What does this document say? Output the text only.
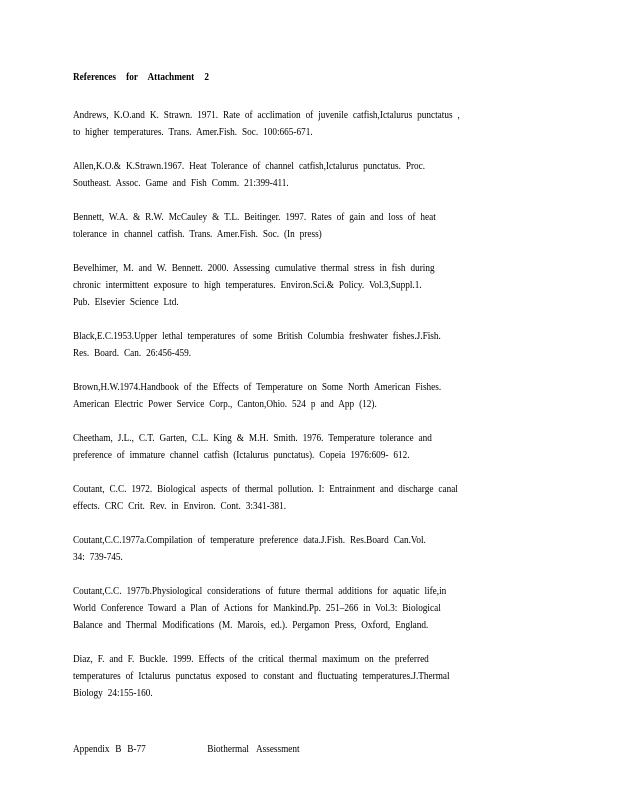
References for Attachment 2
Andrews, K.O.and K. Strawn. 1971. Rate of acclimation of juvenile catfish,Ictalurus punctatus ,
to higher temperatures. Trans. Amer.Fish. Soc. 100:665-671.
Allen,K.O.& K.Strawn.1967. Heat Tolerance of channel catfish,Ictalurus punctatus. Proc.
Southeast. Assoc. Game and Fish Comm. 21:399-411.
Bennett, W.A. & R.W. McCauley & T.L. Beitinger. 1997. Rates of gain and loss of heat
tolerance in channel catfish. Trans. Amer.Fish. Soc. (In press)
Bevelhimer, M. and W. Bennett. 2000. Assessing cumulative thermal stress in fish during
chronic intermittent exposure to high temperatures. Environ.Sci.& Policy. Vol.3,Suppl.1.
Pub. Elsevier Science Ltd.
Black,E.C.1953.Upper lethal temperatures of some British Columbia freshwater fishes.J.Fish.
Res. Board. Can. 26:456-459.
Brown,H.W.1974.Handbook of the Effects of Temperature on Some North American Fishes.
American Electric Power Service Corp., Canton,Ohio. 524 p and App (12).
Cheetham, J.L., C.T. Garten, C.L. King & M.H. Smith. 1976. Temperature tolerance and
preference of immature channel catfish (Ictalurus punctatus). Copeia 1976:609- 612.
Coutant, C.C. 1972. Biological aspects of thermal pollution. I: Entrainment and discharge canal
effects. CRC Crit. Rev. in Environ. Cont. 3:341-381.
Coutant,C.C.1977a.Compilation of temperature preference data.J.Fish. Res.Board Can.Vol.
34: 739-745.
Coutant,C.C. 1977b.Physiological considerations of future thermal additions for aquatic life,in
World Conference Toward a Plan of Actions for Mankind.Pp. 251–266 in Vol.3: Biological
Balance and Thermal Modifications (M. Marois, ed.). Pergamon Press, Oxford, England.
Diaz, F. and F. Buckle. 1999. Effects of the critical thermal maximum on the preferred
temperatures of Ictalurus punctatus exposed to constant and fluctuating temperatures.J.Thermal
Biology 24:155-160.
Appendix B B-77	Biothermal Assessment
